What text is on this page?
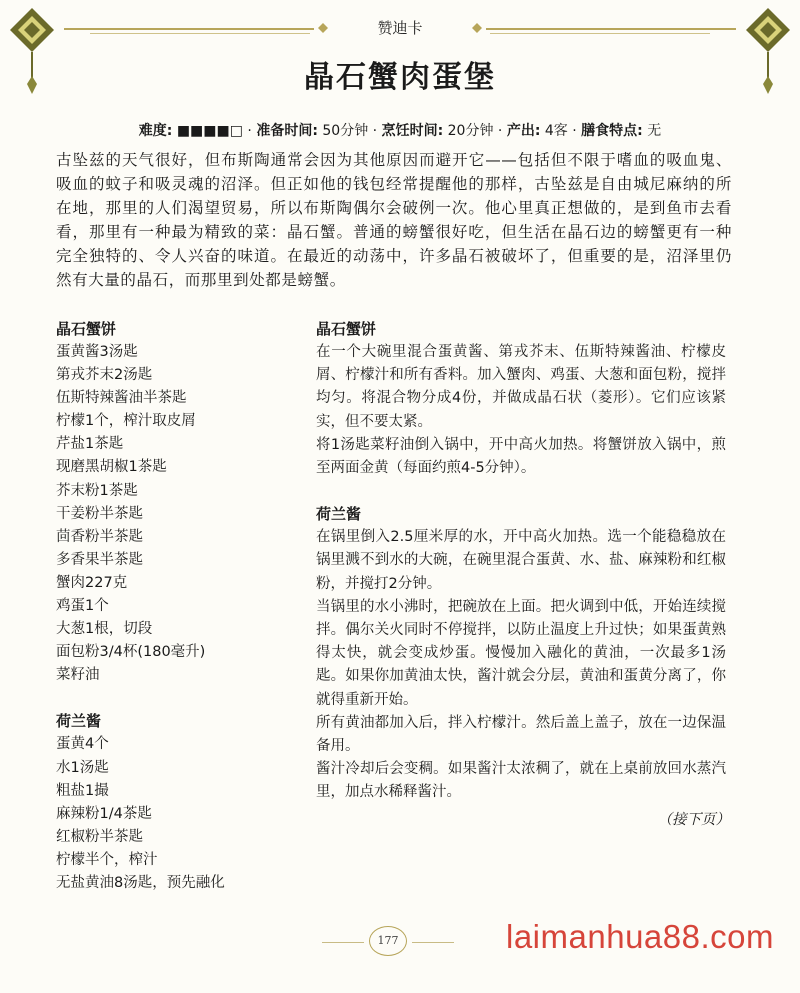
赞迪卡
晶石蟹肉蛋堡
难度: ■■■■□ · 准备时间: 50分钟 · 烹饪时间: 20分钟 · 产出: 4客 · 膳食特点: 无
古坠兹的天气很好，但布斯陶通常会因为其他原因而避开它——包括但不限于嗜血的吸血鬼、吸血的蚊子和吸灵魂的沼泽。但正如他的钱包经常提醒他的那样，古坠兹是自由城尼麻纳的所在地，那里的人们渴望贸易，所以布斯陶偶尔会破例一次。他心里真正想做的，是到鱼市去看看，那里有一种最为精致的菜：晶石蟹。普通的螃蟹很好吃，但生活在晶石边的螃蟹更有一种完全独特的、令人兴奋的味道。在最近的动荡中，许多晶石被破坏了，但重要的是，沼泽里仍然有大量的晶石，而那里到处都是螃蟹。

晶石蟹饼

蛋黄酱3汤匙

第戎芥末2汤匙

伍斯特辣酱油半茶匙

柠檬1个，榨汁取皮屑

芹盐1茶匙

现磨黑胡椒1茶匙

芥末粉1茶匙

干姜粉半茶匙

茴香粉半茶匙

多香果半茶匙

蟹肉227克

鸡蛋1个

大葱1根，切段

面包粉3/4杯(180毫升)

菜籽油

荷兰酱

蛋黄4个

水1汤匙

粗盐1撮

麻辣粉1/4茶匙

红椒粉半茶匙

柠檬半个，榨汁

无盐黄油8汤匙，预先融化

晶石蟹饼

在一个大碗里混合蛋黄酱、第戎芥末、伍斯特辣酱油、柠檬皮屑、柠檬汁和所有香料。加入蟹肉、鸡蛋、大葱和面包粉，搅拌均匀。将混合物分成4份，并做成晶石状（菱形）。它们应该紧实，但不要太紧。

将1汤匙菜籽油倒入锅中，开中高火加热。将蟹饼放入锅中，煎至两面金黄（每面约煎4-5分钟）。

荷兰酱

在锅里倒入2.5厘米厚的水，开中高火加热。选一个能稳稳放在锅里溅不到水的大碗，在碗里混合蛋黄、水、盐、麻辣粉和红椒粉，并搅打2分钟。

当锅里的水小沸时，把碗放在上面。把火调到中低，开始连续搅拌。偶尔关火同时不停搅拌，以防止温度上升过快；如果蛋黄熟得太快，就会变成炒蛋。慢慢加入融化的黄油，一次最多1汤匙。如果你加黄油太快，酱汁就会分层，黄油和蛋黄分离了，你就得重新开始。

所有黄油都加入后，拌入柠檬汁。然后盖上盖子，放在一边保温备用。

酱汁冷却后会变稠。如果酱汁太浓稠了，就在上桌前放回水蒸汽里，加点水稀释酱汁。

（接下页）
177	laimanhua88.com
